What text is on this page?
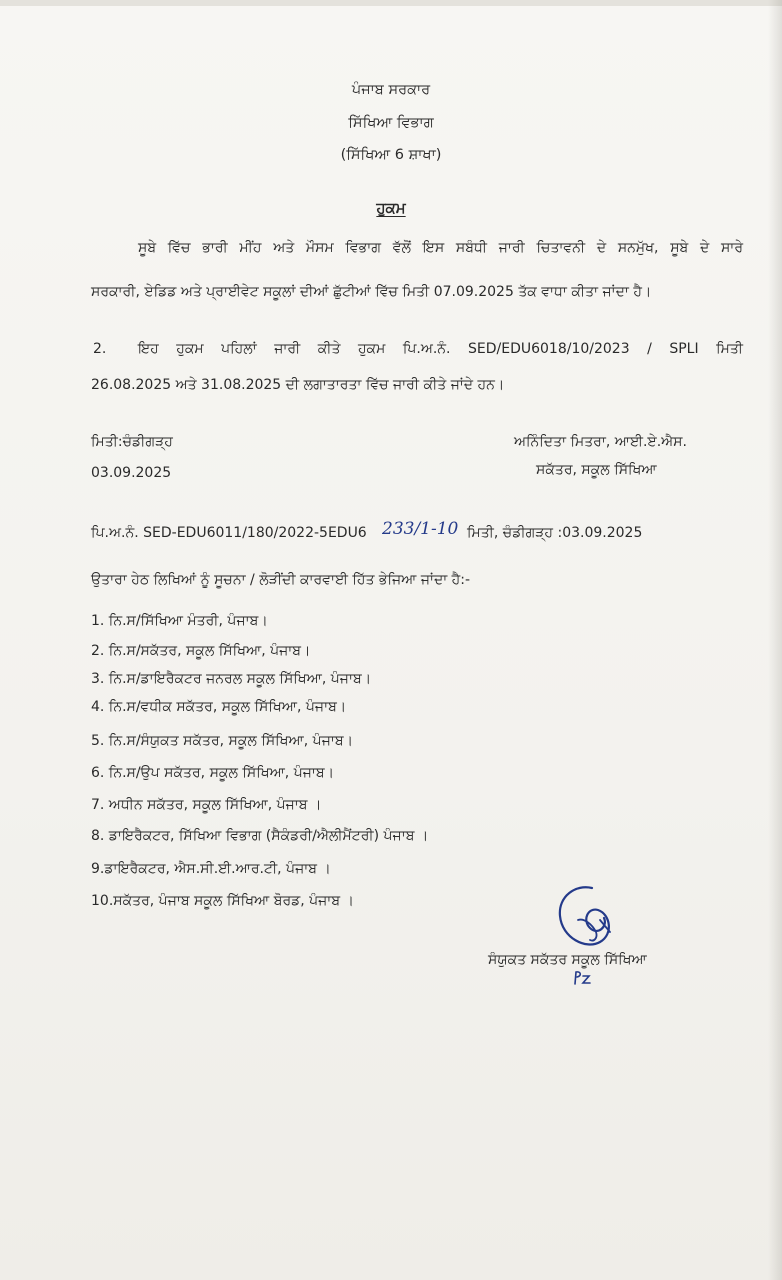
ਪੰਜਾਬ ਸਰਕਾਰ
ਸਿੱਖਿਆ ਵਿਭਾਗ
(ਸਿੱਖਿਆ 6 ਸ਼ਾਖਾ)
ਹੁਕਮ
ਸੂਬੇ ਵਿੱਚ ਭਾਰੀ ਮੀਂਹ ਅਤੇ ਮੌਸਮ ਵਿਭਾਗ ਵੱਲੋਂ ਇਸ ਸਬੰਧੀ ਜਾਰੀ ਚਿਤਾਵਨੀ ਦੇ ਸਨਮੁੱਖ, ਸੂਬੇ ਦੇ ਸਾਰੇ
ਸਰਕਾਰੀ, ਏਡਿਡ ਅਤੇ ਪ੍ਰਾਈਵੇਟ ਸਕੂਲਾਂ ਦੀਆਂ ਛੁੱਟੀਆਂ ਵਿੱਚ ਮਿਤੀ 07.09.2025 ਤੱਕ ਵਾਧਾ ਕੀਤਾ ਜਾਂਦਾ ਹੈ।
2. ਇਹ ਹੁਕਮ ਪਹਿਲਾਂ ਜਾਰੀ ਕੀਤੇ ਹੁਕਮ ਪਿ.ਅ.ਨੰ. SED/EDU6018/10/2023 / SPLI ਮਿਤੀ
26.08.2025 ਅਤੇ 31.08.2025 ਦੀ ਲਗਾਤਾਰਤਾ ਵਿੱਚ ਜਾਰੀ ਕੀਤੇ ਜਾਂਦੇ ਹਨ।
ਮਿਤੀ:ਚੰਡੀਗੜ੍ਹ
03.09.2025
ਅਨਿੰਦਿਤਾ ਮਿਤਰਾ, ਆਈ.ਏ.ਐਸ.
ਸਕੱਤਰ, ਸਕੂਲ ਸਿੱਖਿਆ
ਪਿ.ਅ.ਨੰ. SED-EDU6011/180/2022-5EDU6 233/1-10 ਮਿਤੀ, ਚੰਡੀਗੜ੍ਹ :03.09.2025
ਉਤਾਰਾ ਹੇਠ ਲਿਖਿਆਂ ਨੂੰ ਸੂਚਨਾ / ਲੋੜੀਂਦੀ ਕਾਰਵਾਈ ਹਿੱਤ ਭੇਜਿਆ ਜਾਂਦਾ ਹੈ:-
1. ਨਿ.ਸ/ਸਿੱਖਿਆ ਮੰਤਰੀ, ਪੰਜਾਬ।
2. ਨਿ.ਸ/ਸਕੱਤਰ, ਸਕੂਲ ਸਿੱਖਿਆ, ਪੰਜਾਬ।
3. ਨਿ.ਸ/ਡਾਇਰੈਕਟਰ ਜਨਰਲ ਸਕੂਲ ਸਿੱਖਿਆ, ਪੰਜਾਬ।
4. ਨਿ.ਸ/ਵਧੀਕ ਸਕੱਤਰ, ਸਕੂਲ ਸਿੱਖਿਆ, ਪੰਜਾਬ।
5. ਨਿ.ਸ/ਸੰਯੁਕਤ ਸਕੱਤਰ, ਸਕੂਲ ਸਿੱਖਿਆ, ਪੰਜਾਬ।
6. ਨਿ.ਸ/ਉਪ ਸਕੱਤਰ, ਸਕੂਲ ਸਿੱਖਿਆ, ਪੰਜਾਬ।
7. ਅਧੀਨ ਸਕੱਤਰ, ਸਕੂਲ ਸਿੱਖਿਆ, ਪੰਜਾਬ ।
8. ਡਾਇਰੈਕਟਰ, ਸਿੱਖਿਆ ਵਿਭਾਗ (ਸੈਕੰਡਰੀ/ਐਲੀਮੈਂਟਰੀ) ਪੰਜਾਬ ।
9.ਡਾਇਰੈਕਟਰ, ਐਸ.ਸੀ.ਈ.ਆਰ.ਟੀ, ਪੰਜਾਬ ।
10.ਸਕੱਤਰ, ਪੰਜਾਬ ਸਕੂਲ ਸਿੱਖਿਆ ਬੋਰਡ, ਪੰਜਾਬ ।
ਸੰਯੁਕਤ ਸਕੱਤਰ ਸਕੂਲ ਸਿੱਖਿਆ
